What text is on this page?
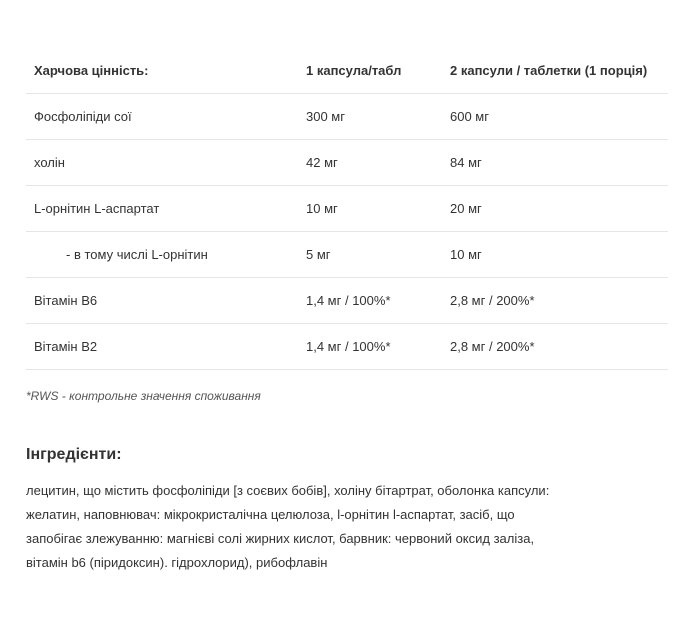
Харчова цінність:	1 капсула/табл	2 капсули / таблетки (1 порція)
Фосфоліпіди сої	300 мг	600 мг
холін	42 мг	84 мг
L-орнітин L-аспартат	10 мг	20 мг
- в тому числі L-орнітин	5 мг	10 мг
Вітамін В6	1,4 мг / 100%*	2,8 мг / 200%*
Вітамін В2	1,4 мг / 100%*	2,8 мг / 200%*
*RWS - контрольне значення споживання
Інгредієнти:
лецитин, що містить фосфоліпіди [з соєвих бобів], холіну бітартрат, оболонка капсули:
желатин, наповнювач: мікрокристалічна целюлоза, l-орнітин l-аспартат, засіб, що
запобігає злежуванню: магнієві солі жирних кислот, барвник: червоний оксид заліза,
вітамін b6 (піридоксин). гідрохлорид), рибофлавін
